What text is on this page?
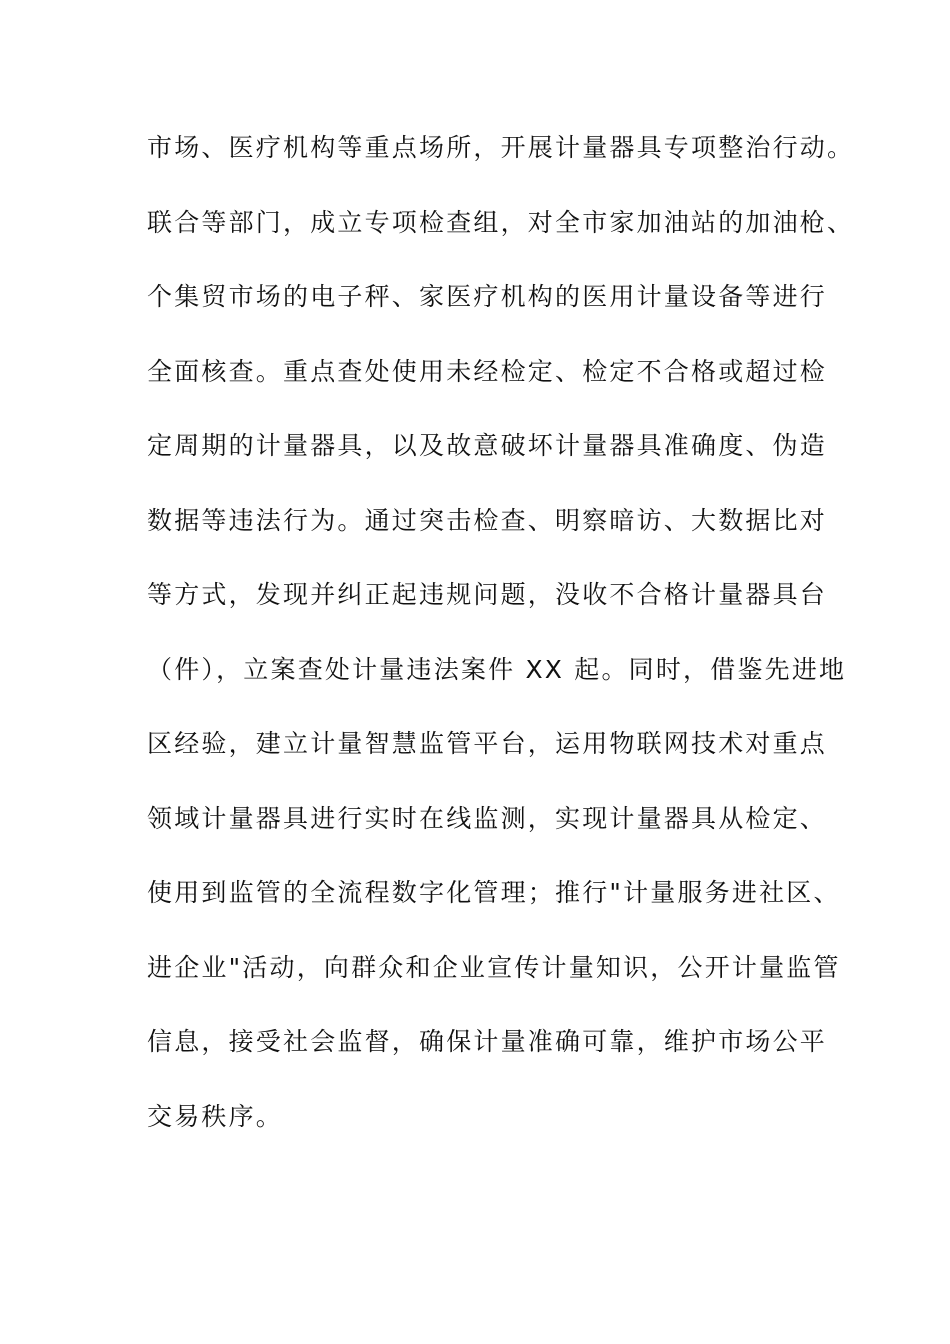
市场、医疗机构等重点场所，开展计量器具专项整治行动。
联合等部门，成立专项检查组，对全市家加油站的加油枪、
个集贸市场的电子秤、家医疗机构的医用计量设备等进行
全面核查。重点查处使用未经检定、检定不合格或超过检
定周期的计量器具，以及故意破坏计量器具准确度、伪造
数据等违法行为。通过突击检查、明察暗访、大数据比对
等方式，发现并纠正起违规问题，没收不合格计量器具台
（件），立案查处计量违法案件 XX 起。同时，借鉴先进地
区经验，建立计量智慧监管平台，运用物联网技术对重点
领域计量器具进行实时在线监测，实现计量器具从检定、
使用到监管的全流程数字化管理；推行"计量服务进社区、
进企业"活动，向群众和企业宣传计量知识，公开计量监管
信息，接受社会监督，确保计量准确可靠，维护市场公平
交易秩序。
